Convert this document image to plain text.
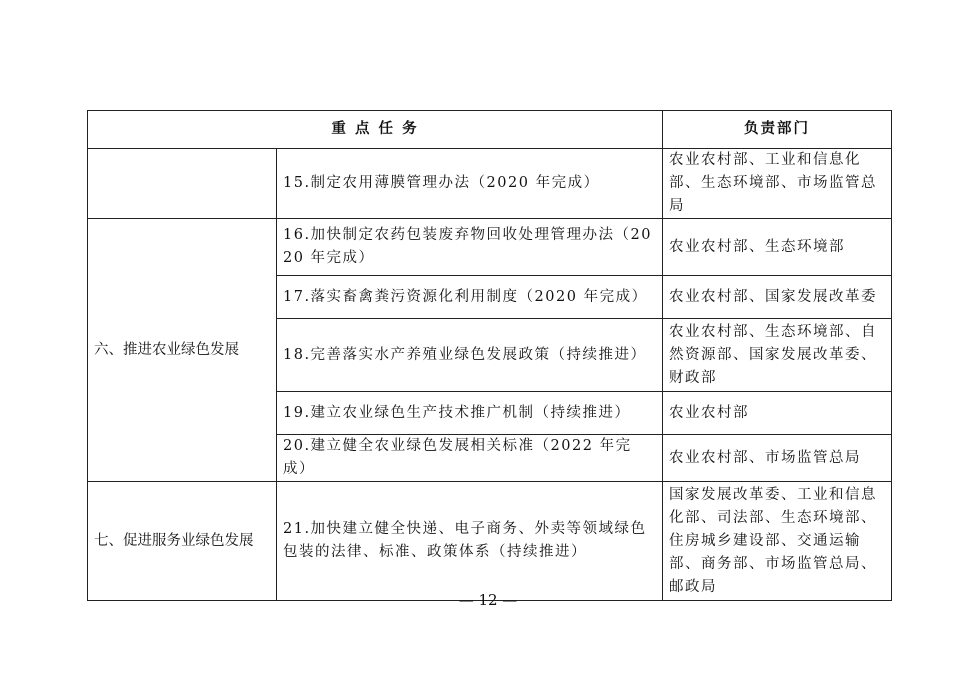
重 点 任 务		负责部门
	15.制定农用薄膜管理办法（2020 年完成）	农业农村部、工业和信息化部、生态环境部、市场监管总局
六、推进农业绿色发展	16.加快制定农药包装废弃物回收处理管理办法（2020 年完成）	农业农村部、生态环境部
	17.落实畜禽粪污资源化利用制度（2020 年完成）	农业农村部、国家发展改革委
	18.完善落实水产养殖业绿色发展政策（持续推进）	农业农村部、生态环境部、自然资源部、国家发展改革委、财政部
	19.建立农业绿色生产技术推广机制（持续推进）	农业农村部
	20.建立健全农业绿色发展相关标准（2022 年完成）	农业农村部、市场监管总局
七、促进服务业绿色发展	21.加快建立健全快递、电子商务、外卖等领域绿色包装的法律、标准、政策体系（持续推进）	国家发展改革委、工业和信息化部、司法部、生态环境部、住房城乡建设部、交通运输部、商务部、市场监管总局、邮政局
— 12 —
